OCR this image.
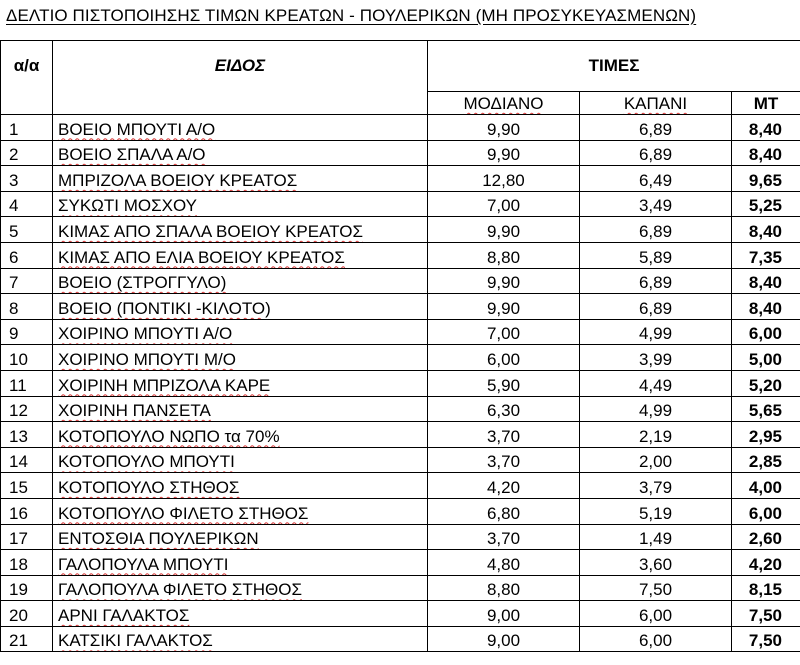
ΔΕΛΤΙΟ ΠΙΣΤΟΠΟΙΗΣΗΣ ΤΙΜΩΝ ΚΡΕΑΤΩΝ - ΠΟΥΛΕΡΙΚΩΝ (ΜΗ ΠΡΟΣΥΚΕΥΑΣΜΕΝΩΝ)
α/α	ΕΙΔΟΣ	ΤΙΜΕΣ		
		ΜΟΔΙΑΝΟ	ΚΑΠΑΝΙ	ΜΤ
1	ΒΟΕΙΟ ΜΠΟΥΤΙ Α/Ο	9,90	6,89	8,40
2	ΒΟΕΙΟ ΣΠΑΛΑ Α/Ο	9,90	6,89	8,40
3	ΜΠΡΙΖΟΛΑ ΒΟΕΙΟΥ ΚΡΕΑΤΟΣ	12,80	6,49	9,65
4	ΣΥΚΩΤΙ ΜΟΣΧΟΥ	7,00	3,49	5,25
5	ΚΙΜΑΣ ΑΠΟ ΣΠΑΛΑ ΒΟΕΙΟΥ ΚΡΕΑΤΟΣ	9,90	6,89	8,40
6	ΚΙΜΑΣ ΑΠΟ ΕΛΙΑ ΒΟΕΙΟΥ ΚΡΕΑΤΟΣ	8,80	5,89	7,35
7	ΒΟΕΙΟ (ΣΤΡΟΓΓΥΛΟ)	9,90	6,89	8,40
8	ΒΟΕΙΟ (ΠΟΝΤΙΚΙ -ΚΙΛΟΤΟ)	9,90	6,89	8,40
9	ΧΟΙΡΙΝΟ ΜΠΟΥΤΙ Α/Ο	7,00	4,99	6,00
10	ΧΟΙΡΙΝΟ ΜΠΟΥΤΙ Μ/Ο	6,00	3,99	5,00
11	ΧΟΙΡΙΝΗ ΜΠΡΙΖΟΛΑ ΚΑΡΕ	5,90	4,49	5,20
12	ΧΟΙΡΙΝΗ ΠΑΝΣΕΤΑ	6,30	4,99	5,65
13	ΚΟΤΟΠΟΥΛΟ ΝΩΠΟ τα 70%	3,70	2,19	2,95
14	ΚΟΤΟΠΟΥΛΟ ΜΠΟΥΤΙ	3,70	2,00	2,85
15	ΚΟΤΟΠΟΥΛΟ ΣΤΗΘΟΣ	4,20	3,79	4,00
16	ΚΟΤΟΠΟΥΛΟ ΦΙΛΕΤΟ ΣΤΗΘΟΣ	6,80	5,19	6,00
17	ΕΝΤΟΣΘΙΑ ΠΟΥΛΕΡΙΚΩΝ	3,70	1,49	2,60
18	ΓΑΛΟΠΟΥΛΑ ΜΠΟΥΤΙ	4,80	3,60	4,20
19	ΓΑΛΟΠΟΥΛΑ ΦΙΛΕΤΟ ΣΤΗΘΟΣ	8,80	7,50	8,15
20	ΑΡΝΙ ΓΑΛΑΚΤΟΣ	9,00	6,00	7,50
21	ΚΑΤΣΙΚΙ ΓΑΛΑΚΤΟΣ	9,00	6,00	7,50
